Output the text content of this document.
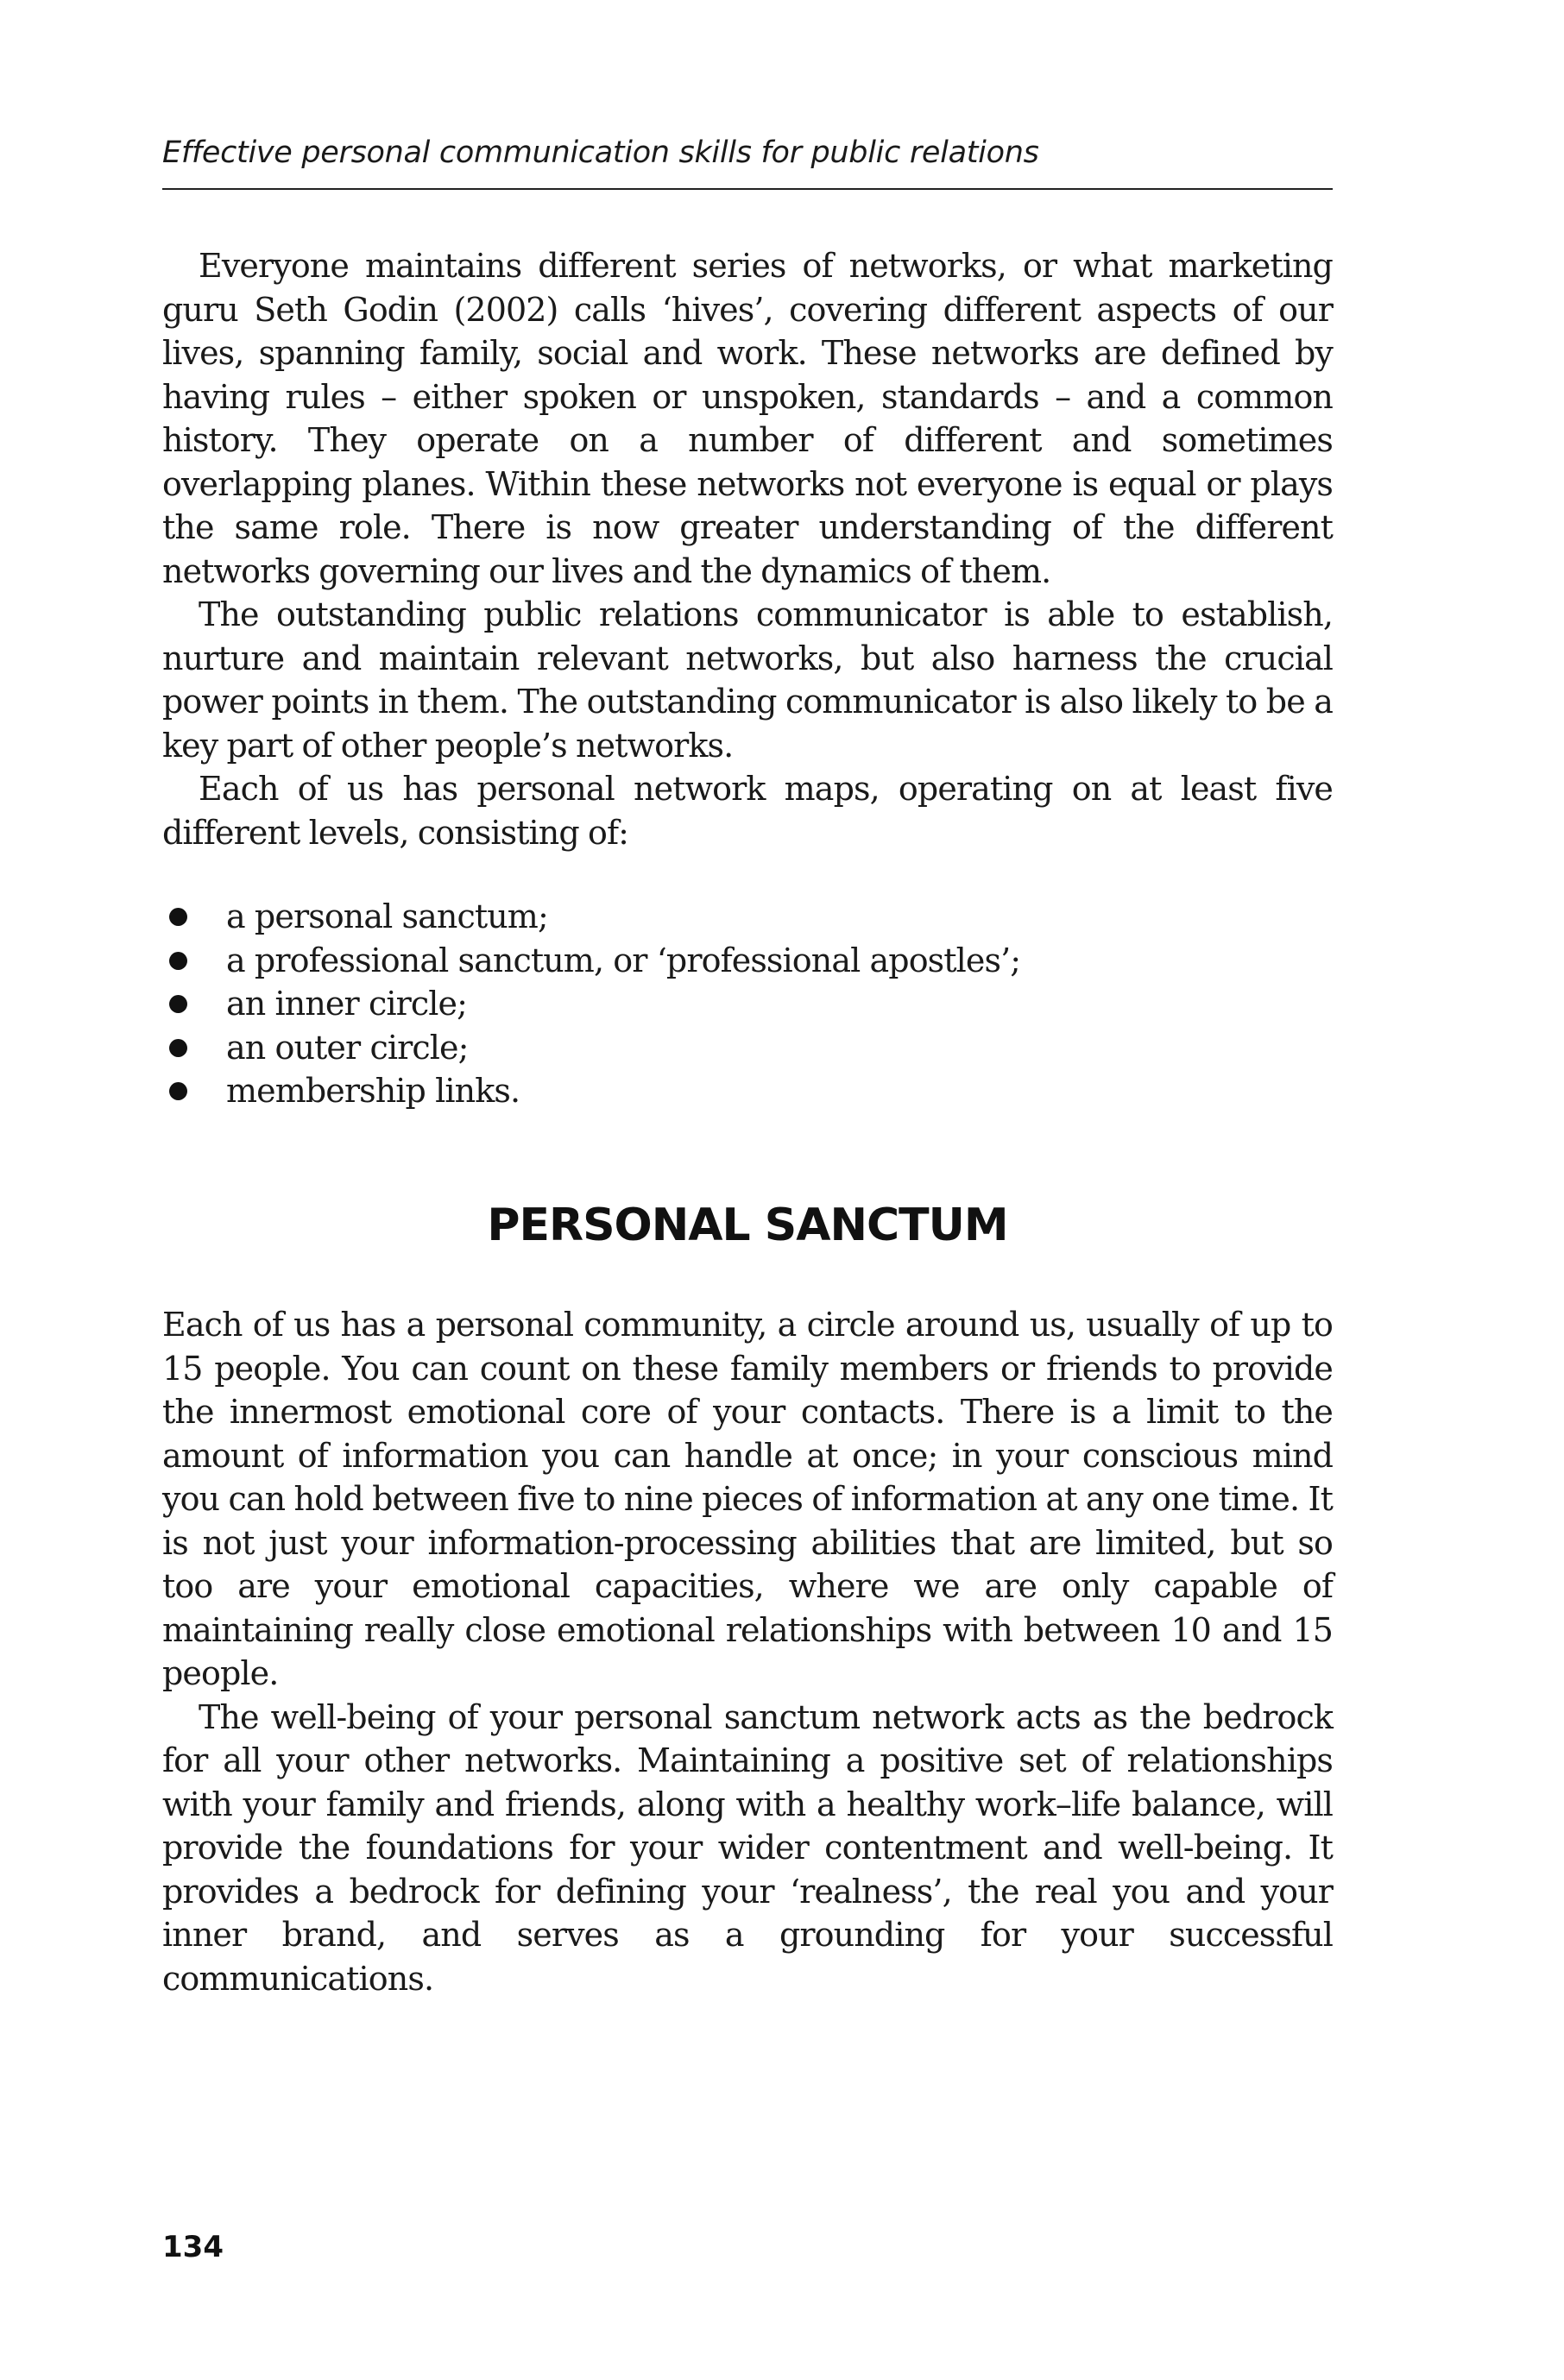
Effective personal communication skills for public relations

Everyone maintains different series of networks, or what marketing guru Seth Godin (2002) calls ‘hives’, covering different aspects of our lives, spanning family, social and work. These networks are defined by having rules – either spoken or unspoken, standards – and a common history. They operate on a number of different and sometimes overlapping planes. Within these networks not everyone is equal or plays the same role. There is now greater understanding of the different networks governing our lives and the dynamics of them.

The outstanding public relations communicator is able to establish, nurture and maintain relevant networks, but also harness the crucial power points in them. The outstanding communicator is also likely to be a key part of other people’s networks.

Each of us has personal network maps, operating on at least five different levels, consisting of:

a personal sanctum;
a professional sanctum, or ‘professional apostles’;
an inner circle;
an outer circle;
membership links.
PERSONAL SANCTUM

Each of us has a personal community, a circle around us, usually of up to 15 people. You can count on these family members or friends to provide the innermost emotional core of your contacts. There is a limit to the amount of information you can handle at once; in your conscious mind you can hold between five to nine pieces of information at any one time. It is not just your information-processing abilities that are limited, but so too are your emotional capacities, where we are only capable of maintaining really close emotional relationships with between 10 and 15 people.

The well-being of your personal sanctum network acts as the bedrock for all your other networks. Maintaining a positive set of relationships with your family and friends, along with a healthy work–life balance, will provide the foundations for your wider contentment and well-being. It provides a bedrock for defining your ‘realness’, the real you and your inner brand, and serves as a grounding for your successful communications.

134
